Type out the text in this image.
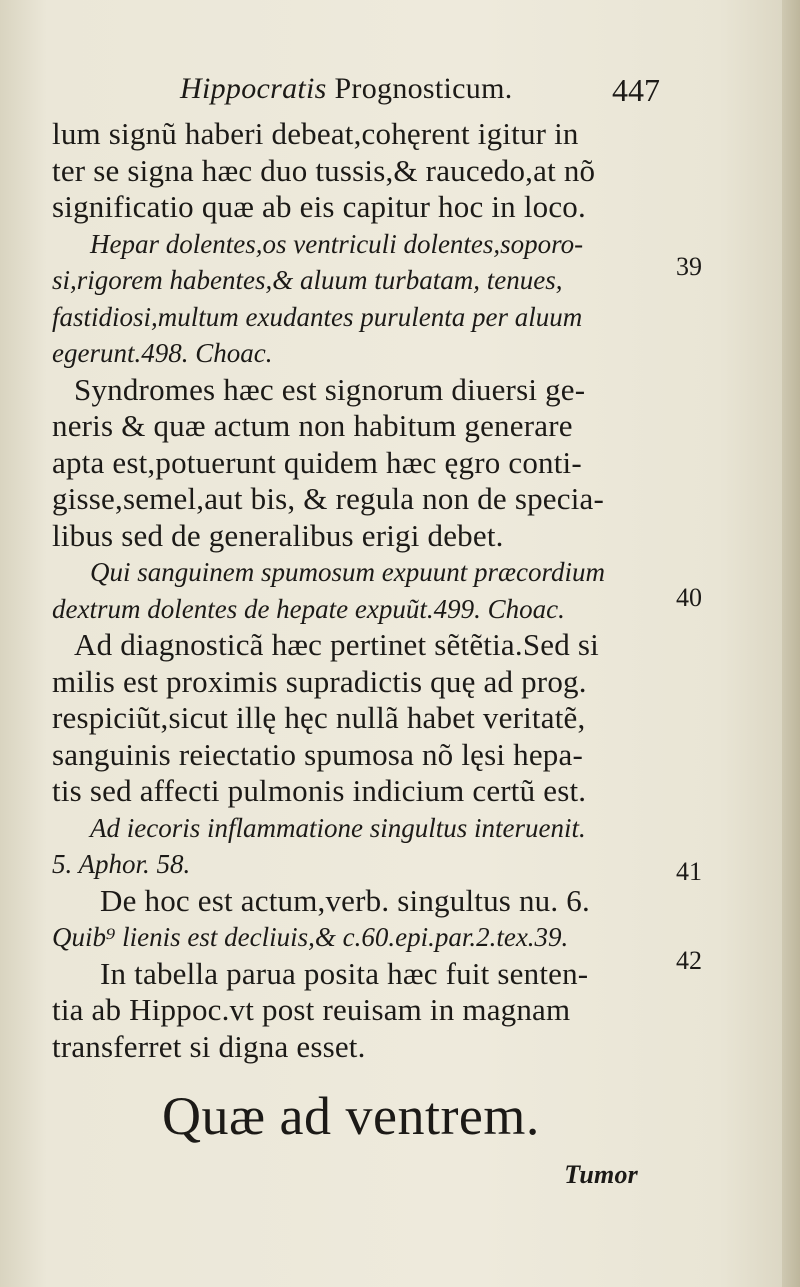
Hippocratis Prognosticum.	447
lum signũ haberi debeat,cohęrent igitur in
ter se signa hæc duo tussis,& raucedo,at nõ
significatio quæ ab eis capitur hoc in loco.
Hepar dolentes,os ventriculi dolentes,soporo-
si,rigorem habentes,& aluum turbatam, tenues,
fastidiosi,multum exudantes purulenta per aluum
egerunt.498. Choac.
Syndromes hæc est signorum diuersi ge-
neris & quæ actum non habitum generare
apta est,potuerunt quidem hæc ęgro conti-
gisse,semel,aut bis, & regula non de specia-
libus sed de generalibus erigi debet.
Qui sanguinem spumosum expuunt præcordium
dextrum dolentes de hepate expuũt.499. Choac.
Ad diagnosticã hæc pertinet sẽtẽtia.Sed si
milis est proximis supradictis quę ad prog.
respiciũt,sicut illę hęc nullã habet veritatẽ,
sanguinis reiectatio spumosa nõ lęsi hepa-
tis sed affecti pulmonis indicium certũ est.
Ad iecoris inflammatione singultus interuenit.
5. Aphor. 58.
De hoc est actum,verb. singultus nu. 6.
Quib⁹ lienis est decliuis,& c.60.epi.par.2.tex.39.
In tabella parua posita hæc fuit senten-
tia ab Hippoc.vt post reuisam in magnam
transferret si digna esset.
Quæ ad ventrem.
Tumor
39
40
41
42
